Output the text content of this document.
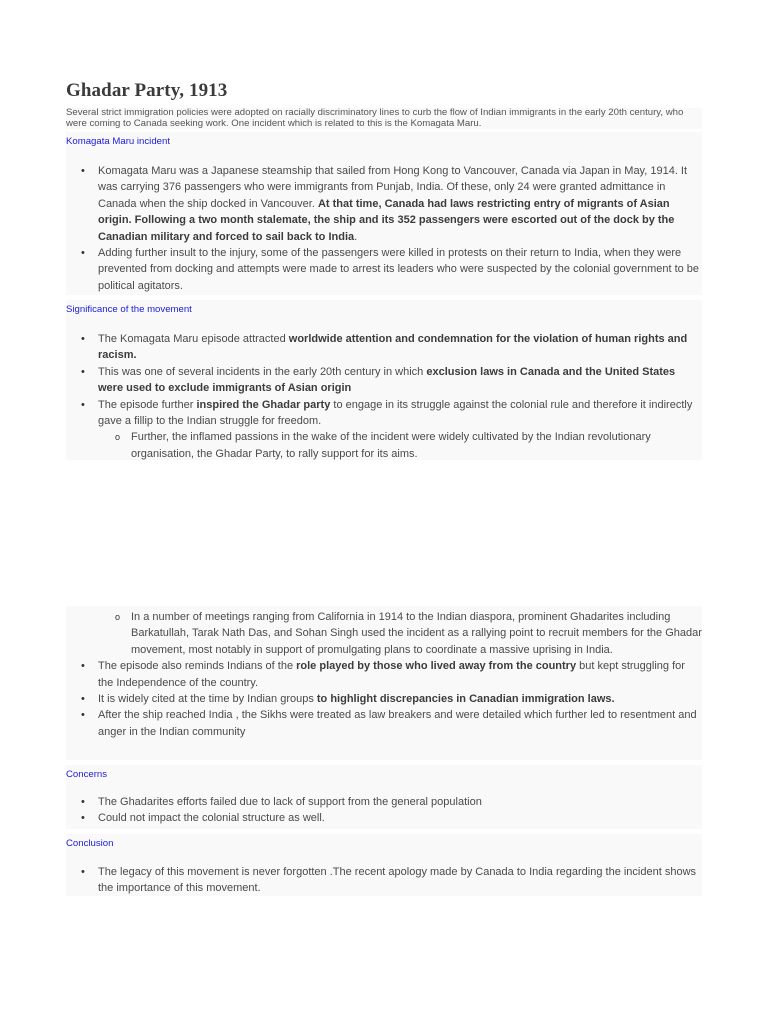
Ghadar Party, 1913

Several strict immigration policies were adopted on racially discriminatory lines to curb the flow of Indian immigrants in the early 20th century, who were coming to Canada seeking work. One incident which is related to this is the Komagata Maru.

Komagata Maru incident
• Komagata Maru was a Japanese steamship that sailed from Hong Kong to Vancouver, Canada via Japan in May, 1914. It was carrying 376 passengers who were immigrants from Punjab, India. Of these, only 24 were granted admittance in Canada when the ship docked in Vancouver. At that time, Canada had laws restricting entry of migrants of Asian origin. Following a two month stalemate, the ship and its 352 passengers were escorted out of the dock by the Canadian military and forced to sail back to India.
• Adding further insult to the injury, some of the passengers were killed in protests on their return to India, when they were prevented from docking and attempts were made to arrest its leaders who were suspected by the colonial government to be political agitators.
Significance of the movement
• The Komagata Maru episode attracted worldwide attention and condemnation for the violation of human rights and racism.
• This was one of several incidents in the early 20th century in which exclusion laws in Canada and the United States were used to exclude immigrants of Asian origin
• The episode further inspired the Ghadar party to engage in its struggle against the colonial rule and therefore it indirectly gave a fillip to the Indian struggle for freedom.
o Further, the inflamed passions in the wake of the incident were widely cultivated by the Indian revolutionary organisation, the Ghadar Party, to rally support for its aims.
o In a number of meetings ranging from California in 1914 to the Indian diaspora, prominent Ghadarites including Barkatullah, Tarak Nath Das, and Sohan Singh used the incident as a rallying point to recruit members for the Ghadar movement, most notably in support of promulgating plans to coordinate a massive uprising in India.
• The episode also reminds Indians of the role played by those who lived away from the country but kept struggling for the Independence of the country.
• It is widely cited at the time by Indian groups to highlight discrepancies in Canadian immigration laws.
• After the ship reached India , the Sikhs were treated as law breakers and were detailed which further led to resentment and anger in the Indian community
Concerns
• The Ghadarites efforts failed due to lack of support from the general population
• Could not impact the colonial structure as well.
Conclusion
• The legacy of this movement is never forgotten .The recent apology made by Canada to India regarding the incident shows the importance of this movement.
